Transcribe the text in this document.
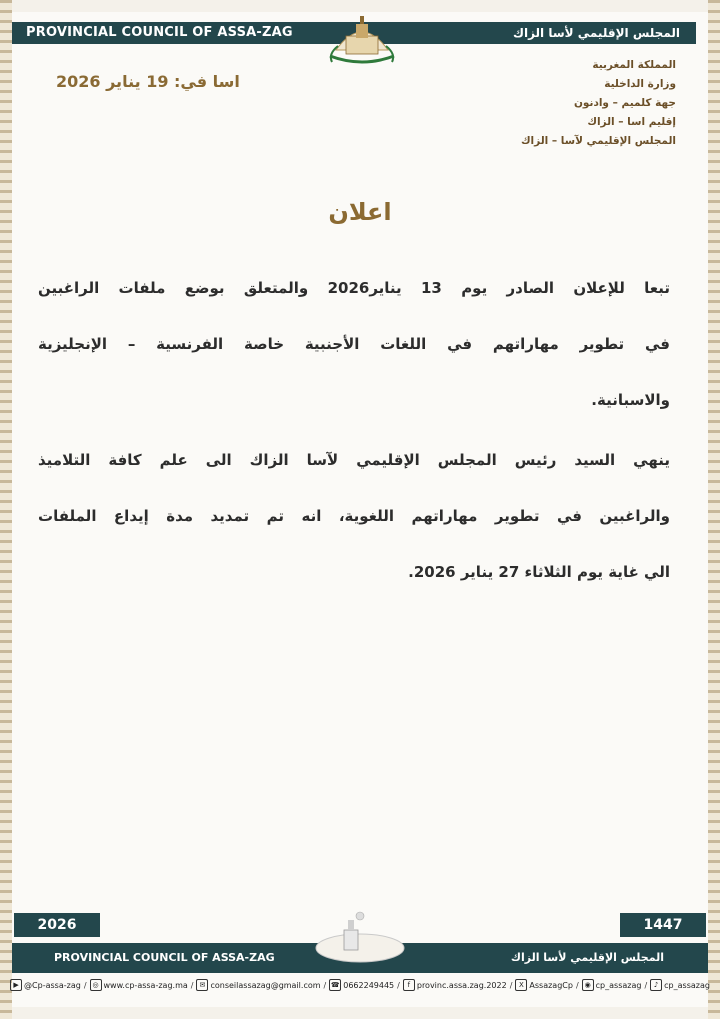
PROVINCIAL COUNCIL OF ASSA-ZAG	المجلس الإقليمي لأسا الزاك
اسا في: 19 يناير 2026
المملكة المغربية
وزارة الداخلية
جهة كلميم – وادنون
إقليم اسا – الزاك
المجلس الإقليمي لآسا – الزاك
اعلان

تبعا للإعلان الصادر يوم 13 يناير2026 والمتعلق بوضع ملفات الراغبين

في تطوير مهاراتهم في اللغات الأجنبية خاصة الفرنسية – الإنجليزية

والاسبانية.

ينهي السيد رئيس المجلس الإقليمي لآسا الزاك الى علم كافة التلاميذ

والراغبين في تطوير مهاراتهم اللغوية، انه تم تمديد مدة إيداع الملفات

الي غاية يوم الثلاثاء 27 يناير 2026.

2026	1447
PROVINCIAL COUNCIL OF ASSA-ZAG	المجلس الإقليمي لأسا الزاك
▶ @Cp-assa-zag / ◎ www.cp-assa-zag.ma / ✉ conseilassazag@gmail.com / ☎ 0662249445 /	f provinc.assa.zag.2022 / X AssazagCp / ◉ cp_assazag / ♪ cp_assazag
